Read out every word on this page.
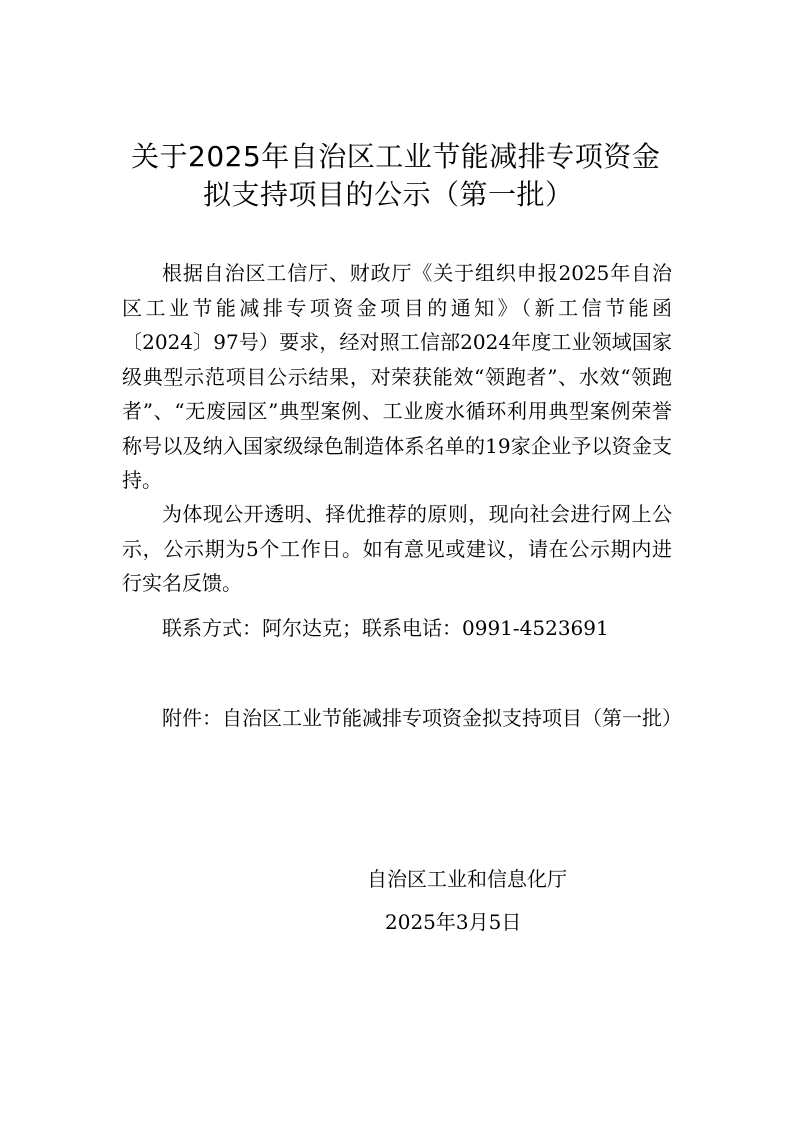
关于2025年自治区工业节能减排专项资金
拟支持项目的公示（第一批）

根据自治区工信厅、财政厅《关于组织申报2025年自治区工业节能减排专项资金项目的通知》（新工信节能函〔2024〕97号）要求，经对照工信部2024年度工业领域国家级典型示范项目公示结果，对荣获能效“领跑者”、水效“领跑者”、“无废园区”典型案例、工业废水循环利用典型案例荣誉称号以及纳入国家级绿色制造体系名单的19家企业予以资金支持。

为体现公开透明、择优推荐的原则，现向社会进行网上公示，公示期为5个工作日。如有意见或建议，请在公示期内进行实名反馈。

联系方式：阿尔达克；联系电话：0991-4523691

附件：自治区工业节能减排专项资金拟支持项目（第一批）
自治区工业和信息化厅
2025年3月5日
